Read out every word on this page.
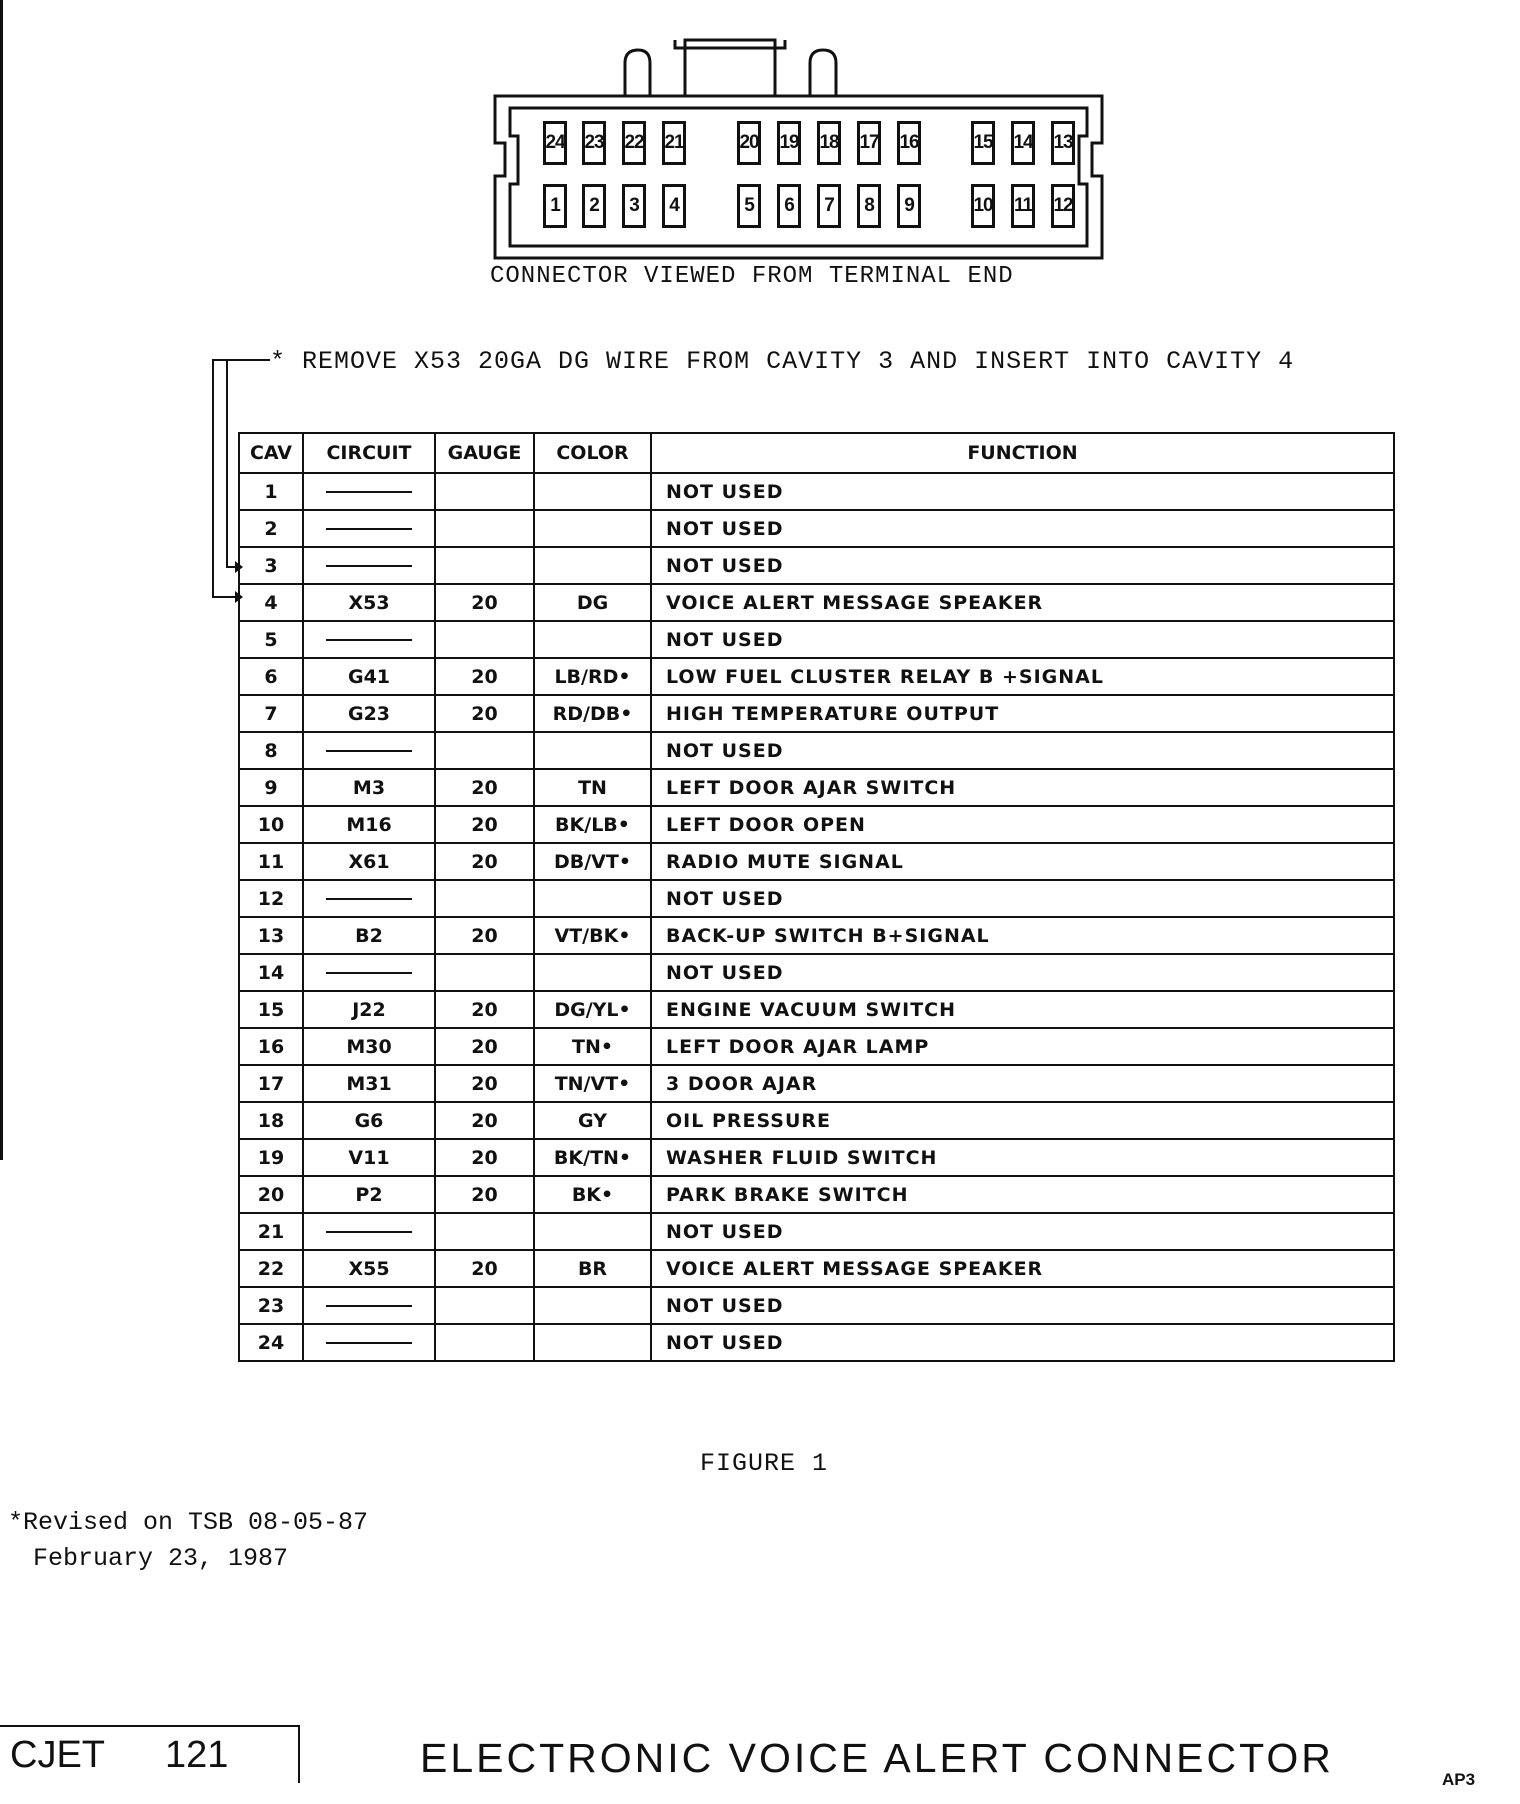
24 23 22 21	20 19 18 17 16	15 14 13
1	2	3	4	5	6	7	8	9	10 11 12
CONNECTOR VIEWED FROM TERMINAL END
* REMOVE X53 20GA DG WIRE FROM CAVITY 3 AND INSERT INTO CAVITY 4
CAV	CIRCUIT	GAUGE	COLOR	FUNCTION
1				NOT USED
2				NOT USED
3				NOT USED
4	X53	20	DG	VOICE ALERT MESSAGE SPEAKER
5				NOT USED
6	G41	20	LB/RD•	LOW FUEL CLUSTER RELAY B +SIGNAL
7	G23	20	RD/DB•	HIGH TEMPERATURE OUTPUT
8				NOT USED
9	M3	20	TN	LEFT DOOR AJAR SWITCH
10	M16	20	BK/LB•	LEFT DOOR OPEN
11	X61	20	DB/VT•	RADIO MUTE SIGNAL
12				NOT USED
13	B2	20	VT/BK•	BACK-UP SWITCH B+SIGNAL
14				NOT USED
15	J22	20	DG/YL•	ENGINE VACUUM SWITCH
16	M30	20	TN•	LEFT DOOR AJAR LAMP
17	M31	20	TN/VT•	3 DOOR AJAR
18	G6	20	GY	OIL PRESSURE
19	V11	20	BK/TN•	WASHER FLUID SWITCH
20	P2	20	BK•	PARK BRAKE SWITCH
21				NOT USED
22	X55	20	BR	VOICE ALERT MESSAGE SPEAKER
23				NOT USED
24				NOT USED
FIGURE 1
*Revised on TSB 08-05-87
February 23, 1987
CJET 121	ELECTRONIC VOICE ALERT CONNECTOR	AP3
